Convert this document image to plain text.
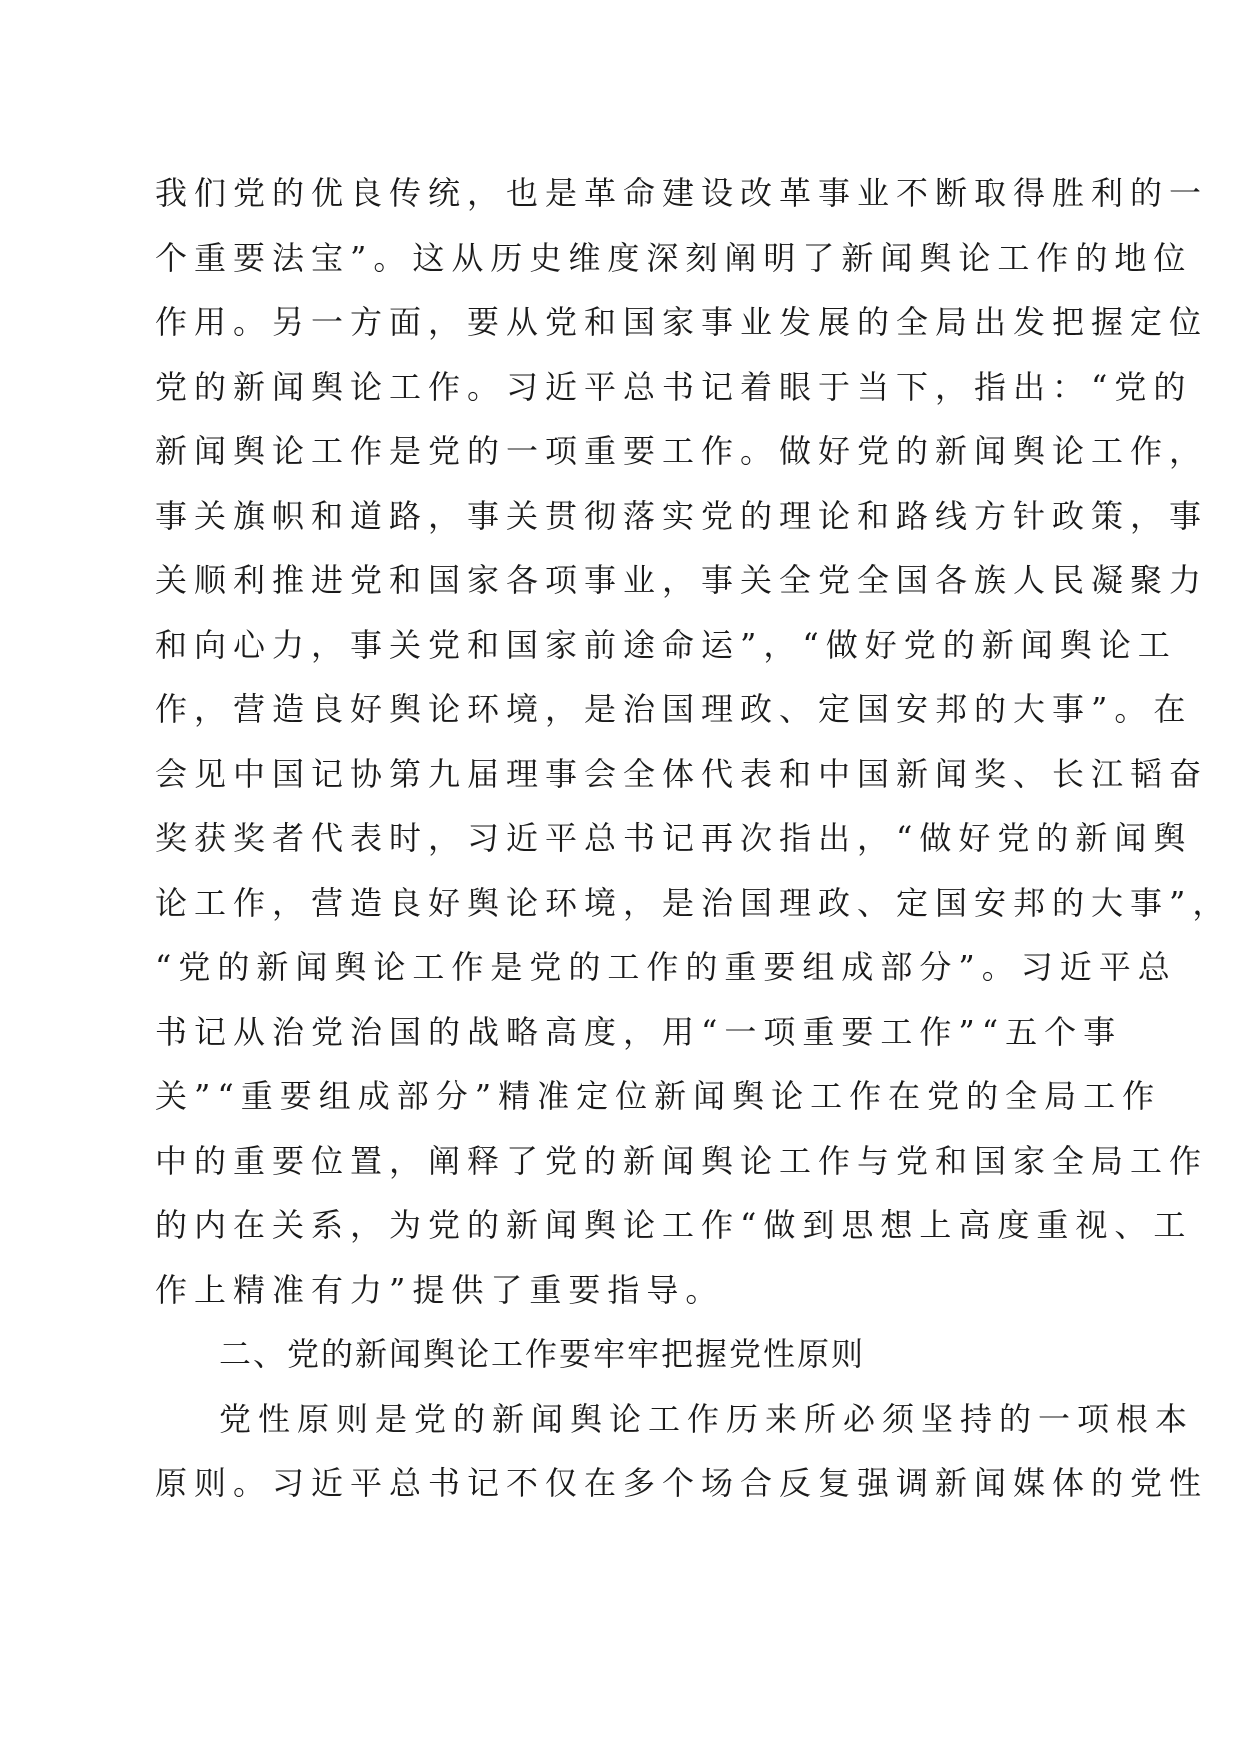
我们党的优良传统，也是革命建设改革事业不断取得胜利的一
个重要法宝”。这从历史维度深刻阐明了新闻舆论工作的地位
作用。另一方面，要从党和国家事业发展的全局出发把握定位
党的新闻舆论工作。习近平总书记着眼于当下，指出：“党的
新闻舆论工作是党的一项重要工作。做好党的新闻舆论工作，
事关旗帜和道路，事关贯彻落实党的理论和路线方针政策，事
关顺利推进党和国家各项事业，事关全党全国各族人民凝聚力
和向心力，事关党和国家前途命运”，“做好党的新闻舆论工
作，营造良好舆论环境，是治国理政、定国安邦的大事”。在
会见中国记协第九届理事会全体代表和中国新闻奖、长江韬奋
奖获奖者代表时，习近平总书记再次指出，“做好党的新闻舆
论工作，营造良好舆论环境，是治国理政、定国安邦的大事”，
“党的新闻舆论工作是党的工作的重要组成部分”。习近平总
书记从治党治国的战略高度，用“一项重要工作”“五个事
关”“重要组成部分”精准定位新闻舆论工作在党的全局工作
中的重要位置，阐释了党的新闻舆论工作与党和国家全局工作
的内在关系，为党的新闻舆论工作“做到思想上高度重视、工
作上精准有力”提供了重要指导。
二、党的新闻舆论工作要牢牢把握党性原则
党性原则是党的新闻舆论工作历来所必须坚持的一项根本
原则。习近平总书记不仅在多个场合反复强调新闻媒体的党性
